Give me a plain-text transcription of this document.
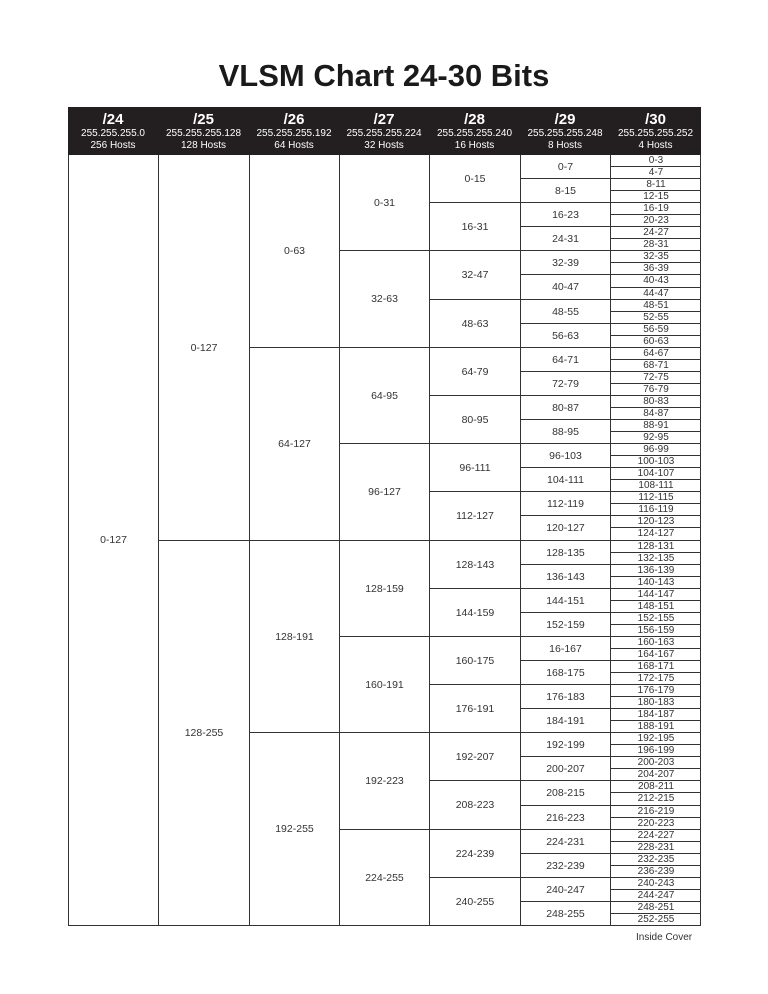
VLSM Chart 24-30 Bits
/24
255.255.255.0
256 Hosts
/25
255.255.255.128
128 Hosts
/26
255.255.255.192
64 Hosts
/27
255.255.255.224
32 Hosts
/28
255.255.255.240
16 Hosts
/29
255.255.255.248
8 Hosts
/30
255.255.255.252
4 Hosts
0-127
0-127
128-255
0-63
64-127
128-191
192-255
0-31
32-63
64-95
96-127
128-159
160-191
192-223
224-255
0-15
16-31
32-47
48-63
64-79
80-95
96-111
112-127
128-143
144-159
160-175
176-191
192-207
208-223
224-239
240-255
0-7
8-15
16-23
24-31
32-39
40-47
48-55
56-63
64-71
72-79
80-87
88-95
96-103
104-111
112-119
120-127
128-135
136-143
144-151
152-159
16-167
168-175
176-183
184-191
192-199
200-207
208-215
216-223
224-231
232-239
240-247
248-255
0-3
4-7
8-11
12-15
16-19
20-23
24-27
28-31
32-35
36-39
40-43
44-47
48-51
52-55
56-59
60-63
64-67
68-71
72-75
76-79
80-83
84-87
88-91
92-95
96-99
100-103
104-107
108-111
112-115
116-119
120-123
124-127
128-131
132-135
136-139
140-143
144-147
148-151
152-155
156-159
160-163
164-167
168-171
172-175
176-179
180-183
184-187
188-191
192-195
196-199
200-203
204-207
208-211
212-215
216-219
220-223
224-227
228-231
232-235
236-239
240-243
244-247
248-251
252-255
Inside Cover
